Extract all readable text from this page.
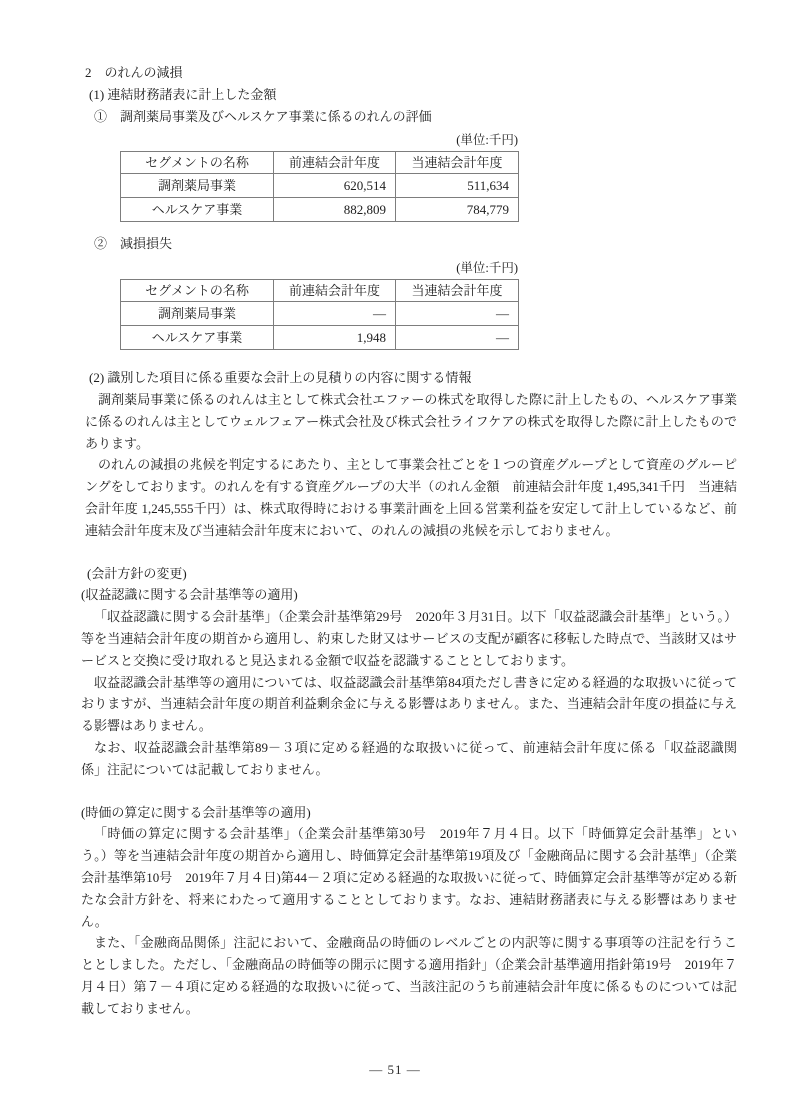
2　のれんの減損
(1) 連結財務諸表に計上した金額
①　調剤薬局事業及びヘルスケア事業に係るのれんの評価
(単位:千円)
セグメントの名称	前連結会計年度	当連結会計年度
調剤薬局事業	620,514	511,634
ヘルスケア事業	882,809	784,779
②　減損損失
(単位:千円)
セグメントの名称	前連結会計年度	当連結会計年度
調剤薬局事業	―	―
ヘルスケア事業	1,948	―
(2) 識別した項目に係る重要な会計上の見積りの内容に関する情報

調剤薬局事業に係るのれんは主として株式会社エファーの株式を取得した際に計上したもの、ヘルスケア事業に係るのれんは主としてウェルフェアー株式会社及び株式会社ライフケアの株式を取得した際に計上したものであります。

のれんの減損の兆候を判定するにあたり、主として事業会社ごとを１つの資産グループとして資産のグルーピングをしております。のれんを有する資産グループの大半（のれん金額　前連結会計年度 1,495,341千円　当連結会計年度 1,245,555千円）は、株式取得時における事業計画を上回る営業利益を安定して計上しているなど、前連結会計年度末及び当連結会計年度末において、のれんの減損の兆候を示しておりません。

(会計方針の変更)
(収益認識に関する会計基準等の適用)

「収益認識に関する会計基準」（企業会計基準第29号　2020年３月31日。以下「収益認識会計基準」という。）等を当連結会計年度の期首から適用し、約束した財又はサービスの支配が顧客に移転した時点で、当該財又はサービスと交換に受け取れると見込まれる金額で収益を認識することとしております。

収益認識会計基準等の適用については、収益認識会計基準第84項ただし書きに定める経過的な取扱いに従っておりますが、当連結会計年度の期首利益剰余金に与える影響はありません。また、当連結会計年度の損益に与える影響はありません。

なお、収益認識会計基準第89－３項に定める経過的な取扱いに従って、前連結会計年度に係る「収益認識関係」注記については記載しておりません。

(時価の算定に関する会計基準等の適用)

「時価の算定に関する会計基準」（企業会計基準第30号　2019年７月４日。以下「時価算定会計基準」という。）等を当連結会計年度の期首から適用し、時価算定会計基準第19項及び「金融商品に関する会計基準」（企業会計基準第10号　2019年７月４日)第44－２項に定める経過的な取扱いに従って、時価算定会計基準等が定める新たな会計方針を、将来にわたって適用することとしております。なお、連結財務諸表に与える影響はありません。

また、「金融商品関係」注記において、金融商品の時価のレベルごとの内訳等に関する事項等の注記を行うこととしました。ただし、「金融商品の時価等の開示に関する適用指針」（企業会計基準適用指針第19号　2019年７月４日）第７－４項に定める経過的な取扱いに従って、当該注記のうち前連結会計年度に係るものについては記載しておりません。

— 51 —
